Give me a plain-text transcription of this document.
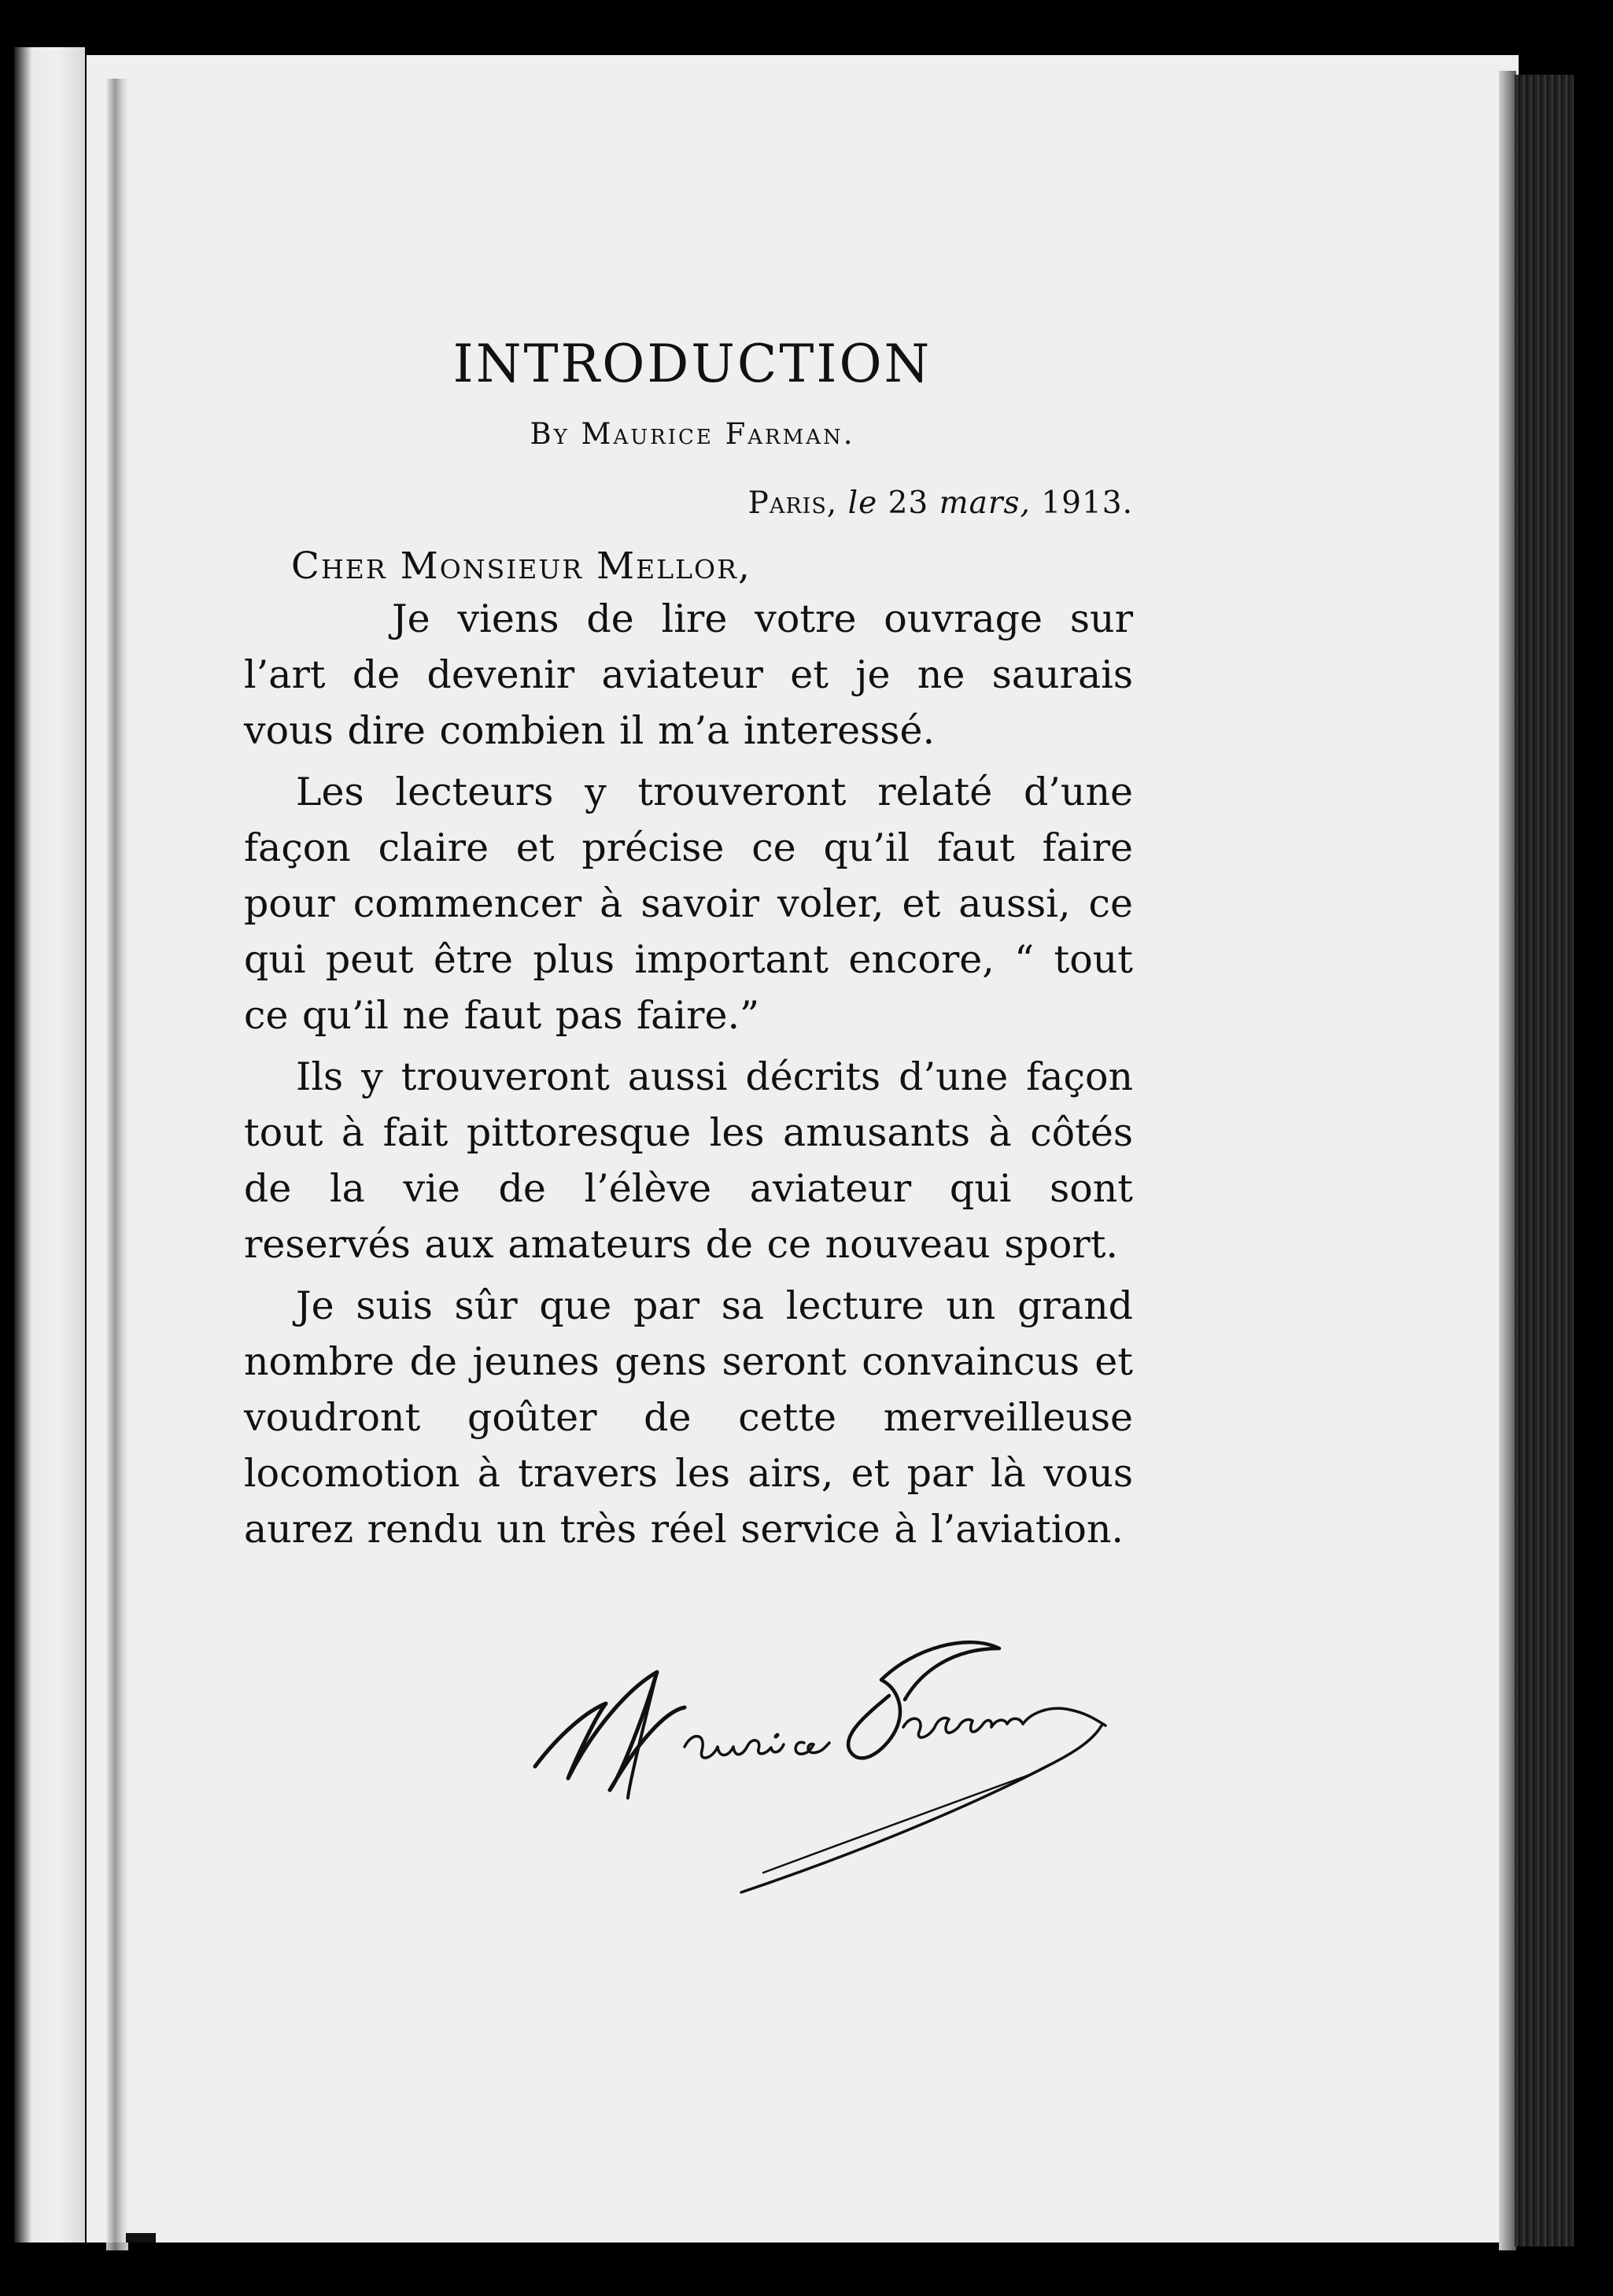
INTRODUCTION
By Maurice Farman.
Paris, le 23 mars, 1913.
Cher Monsieur Mellor,

Je viens de lire votre ouvrage sur l’art de devenir aviateur et je ne saurais vous dire combien il m’a interessé.

Les lecteurs y trouveront relaté d’une façon claire et précise ce qu’il faut faire pour commencer à savoir voler, et aussi, ce qui peut être plus important encore, “ tout ce qu’il ne faut pas faire.”

Ils y trouveront aussi décrits d’une façon tout à fait pittoresque les amusants à côtés de la vie de l’élève aviateur qui sont reservés aux amateurs de ce nouveau sport.

Je suis sûr que par sa lecture un grand nombre de jeunes gens seront convaincus et voudront goûter de cette merveilleuse locomotion à travers les airs, et par là vous aurez rendu un très réel service à l’aviation.
